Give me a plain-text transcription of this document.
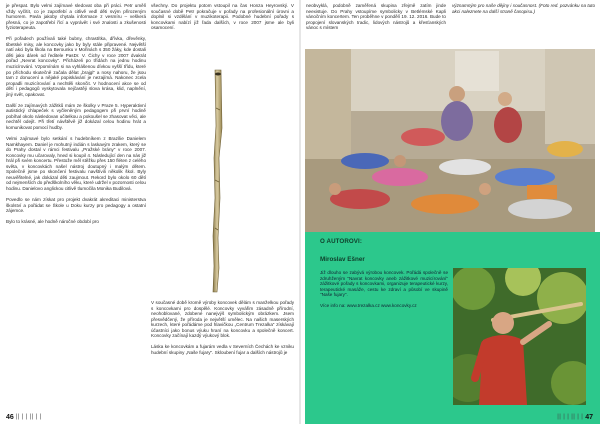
je přespat. Bylo velmi zajímavé sledovat oba při práci. Petr umělí vždy vyčítit, co je zapotřebí a citlivě vedl děti svým přirozeným humorem. Pavla jakoby chytala informace z vesmíru – veškerá přesná, co je zapotřebí řící a vyprávět i své znalosti a zkušenosti fyzioterapeuta.

Při pořadech používali také bubny, chrastítka, dřívka, dřevěnky, tibetské misy, ale koncovky jako by byly stále připravené. Největší natí akci byla škola na Berounku v Mořinách s 350 žáky, kde dostali děti jako dárek od ředitele PasDr. V. Čichy v roce 2007 dvakrát pořad „Nevrat koncovky“. Přicházeli po třídách na jednu hodinu muzicírování. Vzpomínám si na vyhlášenou dívkou vyšší třídu, které po příchodu skutečně začala dělat „brajgl“ a nosy nahoru, že jsou tam z donucení a nějaké popiskávání je nezajímá. Nakonec zcela propadli muzicírování a nechtěli skončit. V hodnocení akce se od dětí i pedagogů vyskytovala nejčastěji slova krása, klid, naplnění, jiný svět, opakovat.

Další ze zajímavých zážitků mám ze školky v Praze 5. Hyperaktivní autistický chlapeček s vyčleněným pedagogem při první hodině pobíhal okolo následovan učitelkou a pokoušel se zhasovat věci, ale nechtěl odejít. Při třetí návštěvě již dokázal celou hodinu hrát a komunikovat pomocí hudby.

Velmi zajímavé bylo setkání s hudebníkem z Brazílie Danielem Namkhayem. Daniel je mohutný indián s laskavým zrakem, který se do Prahy dostal v rámci festivalu „Pražské brány“ v roce 2007. Koncovky mu učarovaly, hned si koupil 4. Následující den na nás již hrál při svém koncertu. Přestože měl stěžku přes 150 fléten z celého světa, v koncovkách našel nástroj doutupný i malým dětem. Společně jsme po skončení festivalu navštívili několik škol. Byly neuvěřitelné, jak dokázal děti zaujmout. Rekord bylo okolo 60 dětí od nejmenších do předškolního věku, které udržel v pozornosti celou hodinu. Danielovo anglickou citlivě tlumočila Monika Budilová.

Povedlo se nám získat pro projekt dvakrát akreditaci ministerstva školství a pořádat se Škole u Doku kurzy pro pedagogy a ostatní zájemce.

Bylo to krásné, ale hodně náročné období pro

všechny. Do projektu potom vstoupil na čas Honza Heyrovský. V současné době Petr pokračuje v pořady na profesionální úrovni a doplnil si vzdělání v muzikoterapii. Podobné hudební pořady s koncovkami nabízí již řada dalších, v roce 2007 jsme ale byli osamocení.

V současné době kromě výroby koncovek dělám s manželkou pořady s koncovkami pro dospělé. Koncovky vyvářim zásadně přírodní, neohoblované, zdobené nanejvýš symbolickým obrázkem. Jsem přesvědčený, že příroda je největší umělec. Na našich maserských kurzech, které pořádáme pod hlavičkou „Centrum Trezalka“ získávají účastníci jako bonus výuku hraní na koncovku a společně koncert. Koncovky začínají kazdý výukový blok.

Láska ke koncovkám a fujarám vedla v Severních Čechách ke vzniku hudební skupiny „Naše fujary“. Skloubení fujar a dalších nástrojů je

46 || | | || | |

neobvyklá, podobně zaměřená skupina zřejmě zatím jinde neexistuje. Do Prahy vstoupíme symbolicky v Betlémské Kapli vánočním koncertem. Ten proběhne v pondělí 19. 12. 2016. Bude to propojení slovanských tradic, lidových nástrojů a křesťanských vánoc s místem

významným pro naše dějiny i současnost. (Foto red. pozvánku na tuto akci naleznete na další straně časopisu.)

O AUTOROVI:
Miroslav Ešner

Již dlouho se zabývá výrobou koncovek. Pořádá společně se zdruhženým "Navrat koncovky aneb zážitkové muzicírování" zážitkové pořady s koncovkami, organizuje terapeutické kurzy, terapeutické masáže, cestu ke zdraví a působí ve skupině "Naše fujary".

Více info na: www.trezalka.cz www.koncovky.cz

|| | | || | | 47
